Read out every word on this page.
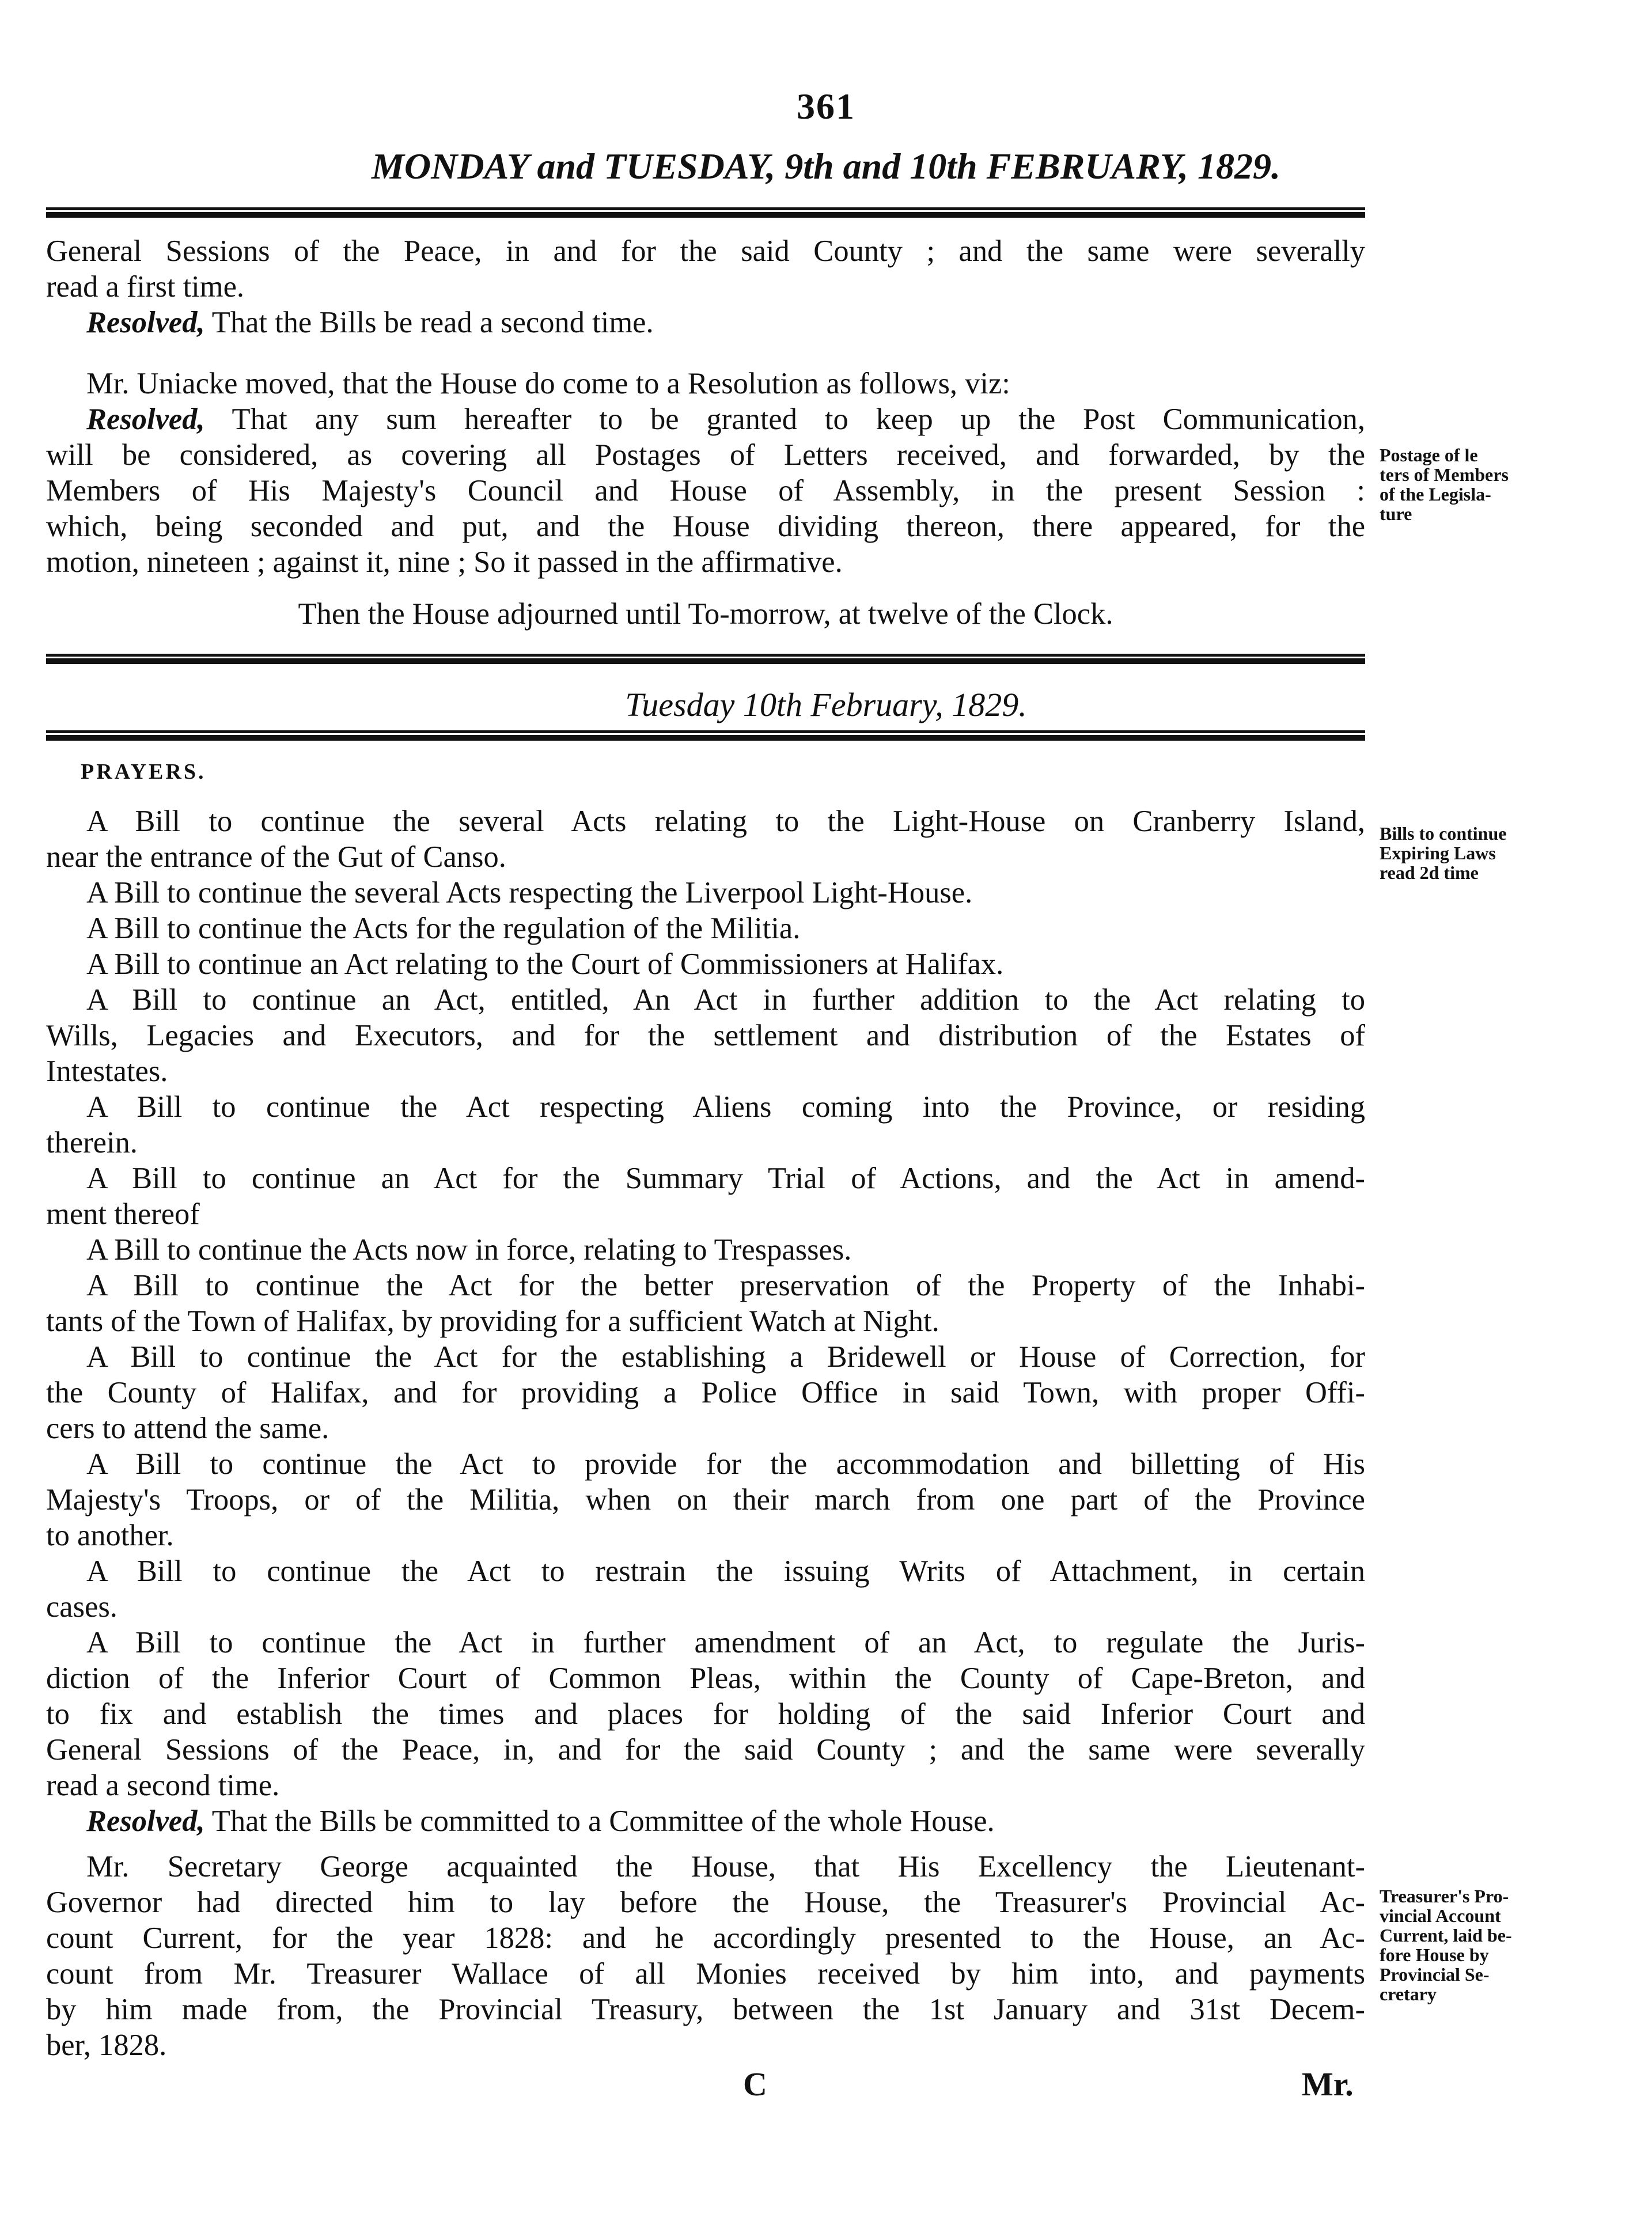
361
MONDAY and TUESDAY, 9th and 10th FEBRUARY, 1829.
General Sessions of the Peace, in and for the said County ; and the same were severally
read a first time.
Resolved, That the Bills be read a second time.
Mr. Uniacke moved, that the House do come to a Resolution as follows, viz:
Resolved, That any sum hereafter to be granted to keep up the Post Communication,
will be considered, as covering all Postages of Letters received, and forwarded, by the
Members of His Majesty's Council and House of Assembly, in the present Session :
which, being seconded and put, and the House dividing thereon, there appeared, for the
motion, nineteen ; against it, nine ; So it passed in the affirmative.
Then the House adjourned until To-morrow, at twelve of the Clock.
Tuesday 10th February, 1829.
PRAYERS.
A Bill to continue the several Acts relating to the Light-House on Cranberry Island,
near the entrance of the Gut of Canso.
A Bill to continue the several Acts respecting the Liverpool Light-House.
A Bill to continue the Acts for the regulation of the Militia.
A Bill to continue an Act relating to the Court of Commissioners at Halifax.
A Bill to continue an Act, entitled, An Act in further addition to the Act relating to
Wills, Legacies and Executors, and for the settlement and distribution of the Estates of
Intestates.
A Bill to continue the Act respecting Aliens coming into the Province, or residing
therein.
A Bill to continue an Act for the Summary Trial of Actions, and the Act in amend-
ment thereof
A Bill to continue the Acts now in force, relating to Trespasses.
A Bill to continue the Act for the better preservation of the Property of the Inhabi-
tants of the Town of Halifax, by providing for a sufficient Watch at Night.
A Bill to continue the Act for the establishing a Bridewell or House of Correction, for
the County of Halifax, and for providing a Police Office in said Town, with proper Offi-
cers to attend the same.
A Bill to continue the Act to provide for the accommodation and billetting of His
Majesty's Troops, or of the Militia, when on their march from one part of the Province
to another.
A Bill to continue the Act to restrain the issuing Writs of Attachment, in certain
cases.
A Bill to continue the Act in further amendment of an Act, to regulate the Juris-
diction of the Inferior Court of Common Pleas, within the County of Cape-Breton, and
to fix and establish the times and places for holding of the said Inferior Court and
General Sessions of the Peace, in, and for the said County ; and the same were severally
read a second time.
Resolved, That the Bills be committed to a Committee of the whole House.
Mr. Secretary George acquainted the House, that His Excellency the Lieutenant-
Governor had directed him to lay before the House, the Treasurer's Provincial Ac-
count Current, for the year 1828: and he accordingly presented to the House, an Ac-
count from Mr. Treasurer Wallace of all Monies received by him into, and payments
by him made from, the Provincial Treasury, between the 1st January and 31st Decem-
ber, 1828.
Postage of le
ters of Members
of the Legisla-
ture
Bills to continue
Expiring Laws
read 2d time
Treasurer's Pro-
vincial Account
Current, laid be-
fore House by
Provincial Se-
cretary
C	Mr.
